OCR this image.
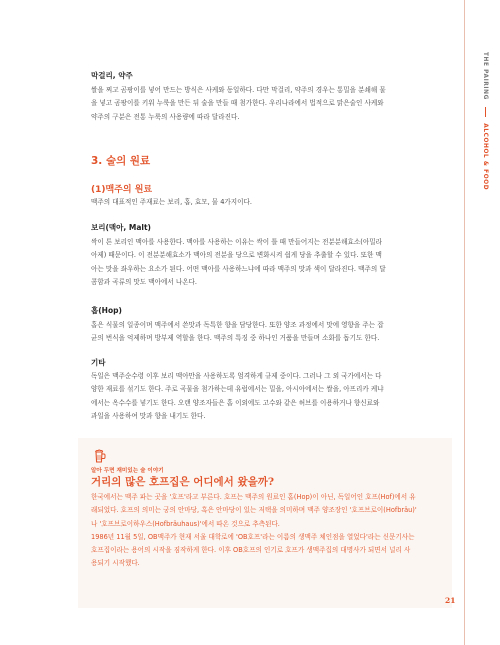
THE PAIRING  ALCOHOL & FOOD
막걸리, 약주

쌀을 찌고 곰팡이를 넣어 만드는 방식은 사케와 동일하다. 다만 막걸리, 약주의 경우는 통밀을 분쇄해 물

을 넣고 곰팡이를 키워 누룩을 만든 뒤 술을 만들 때 첨가한다. 우리나라에서 법적으로 맑은술인 사케와

약주의 구분은 전통 누룩의 사용량에 따라 달라진다.

3. 술의 원료
(1)맥주의 원료

맥주의 대표적인 주재료는 보리, 홉, 효모, 물 4가지이다.

보리(맥아, Malt)

싹이 튼 보리인 맥아를 사용한다. 맥아를 사용하는 이유는 싹이 틀 때 만들어지는 전분분해효소(아밀라

아제) 때문이다. 이 전분분해효소가 맥아의 전분을 당으로 변화시켜 쉽게 당을 추출할 수 있다. 또한 맥

아는 맛을 좌우하는 요소가 된다. 어떤 맥아를 사용하느냐에 따라 맥주의 맛과 색이 달라진다. 맥주의 달

콤함과 곡류의 맛도 맥아에서 나온다.

홉(Hop)

홉은 식물의 일종이며 맥주에서 쓴맛과 독특한 향을 담당한다. 또한 양조 과정에서 맛에 영향을 주는 잡

균의 번식을 억제하며 방부제 역할을 한다. 맥주의 특징 중 하나인 거품을 만들며 소화를 돕기도 한다.

기타

독일은 맥주순수령 이후 보리 맥아만을 사용하도록 엄격하게 규제 중이다. 그러나 그 외 국가에서는 다

양한 재료를 섞기도 한다. 주로 곡물을 첨가하는데 유럽에서는 밀을, 아시아에서는 쌀을, 아프리카 케냐

에서는 옥수수를 넣기도 한다. 오랜 양조자들은 홉 이외에도 고수와 같은 허브를 이용하거나 향신료와

과일을 사용하여 맛과 향을 내기도 한다.

알아 두면 재미있는 술 이야기
거리의 많은 호프집은 어디에서 왔을까?

한국에서는 맥주 파는 곳을 '호프'라고 부른다. 호프는 맥주의 원료인 홉(Hop)이 아닌, 독일어인 호프(Hof)에서 유

래되었다. 호프의 의미는 궁의 안마당, 혹은 안마당이 있는 저택을 의미하며 맥주 양조장인 '호프브로이(Hofbräu)'

나 '호프브로이하우스(Hofbräuhaus)'에서 따온 것으로 추측된다.

1986년 11월 5일, OB맥주가 현재 서울 대학로에 'OB호프'라는 이름의 생맥주 체인점을 열었다'라는 신문기사는

호프집이라는 용어의 시작을 짐작하게 한다. 이후 OB호프의 인기로 호프가 생맥주집의 대명사가 되면서 널리 사

용되기 시작했다.

21
